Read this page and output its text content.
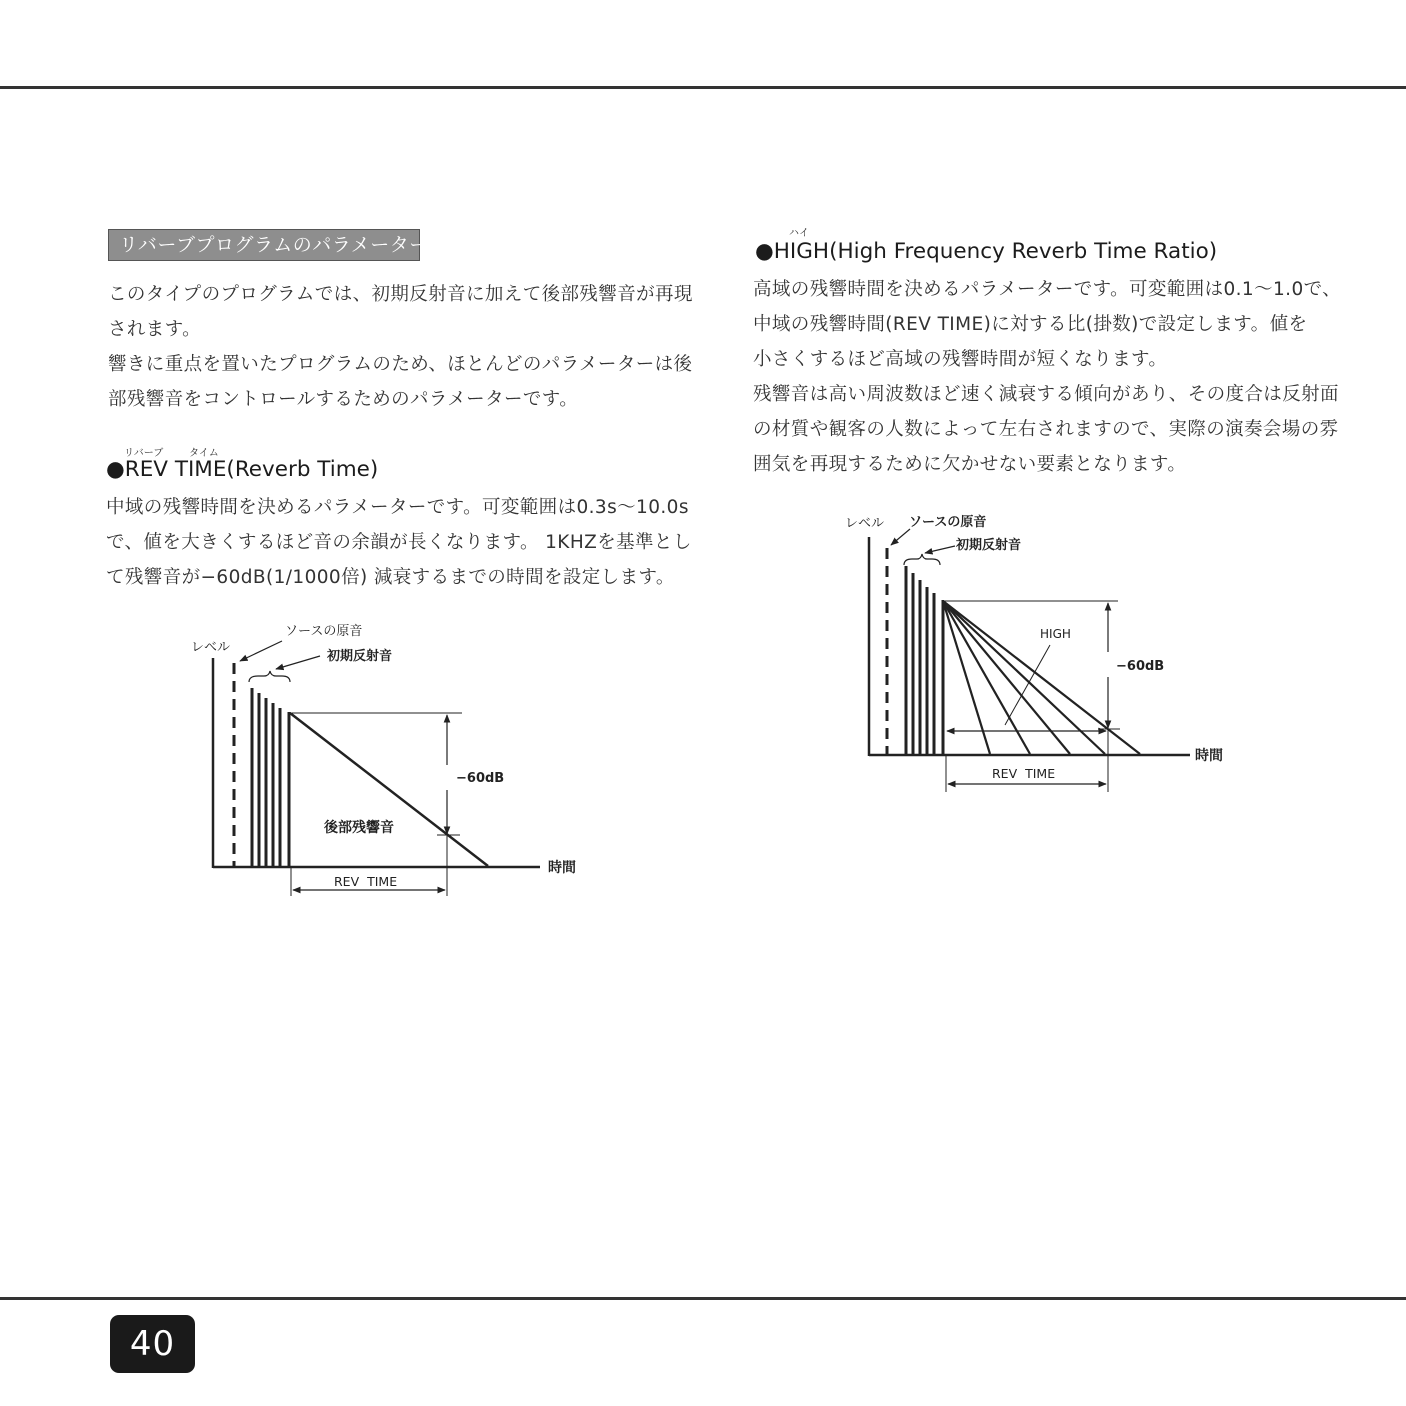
リバーブプログラムのパラメーター
このタイプのプログラムでは、初期反射音に加えて後部残響音が再現
されます。
響きに重点を置いたプログラムのため、ほとんどのパラメーターは後
部残響音をコントロールするためのパラメーターです。
リバーブ	タイム
●REV TIME(Reverb Time)
中域の残響時間を決めるパラメーターです。可変範囲は0.3s〜10.0s
で、値を大きくするほど音の余韻が長くなります。 1KHZを基準とし
て残響音が−60dB(1/1000倍) 減衰するまでの時間を設定します。
レベル
ソースの原音
初期反射音
−60dB
後部残響音
時間
REV  TIME
ハイ
●HIGH(High Frequency Reverb Time Ratio)
高域の残響時間を決めるパラメーターです。可変範囲は0.1〜1.0で、
中域の残響時間(REV TIME)に対する比(掛数)で設定します。値を
小さくするほど高域の残響時間が短くなります。
残響音は高い周波数ほど速く減衰する傾向があり、その度合は反射面
の材質や観客の人数によって左右されますので、実際の演奏会場の雰
囲気を再現するために欠かせない要素となります。
レベル ソースの原音
初期反射音
HIGH
−60dB
時間
REV  TIME
40
